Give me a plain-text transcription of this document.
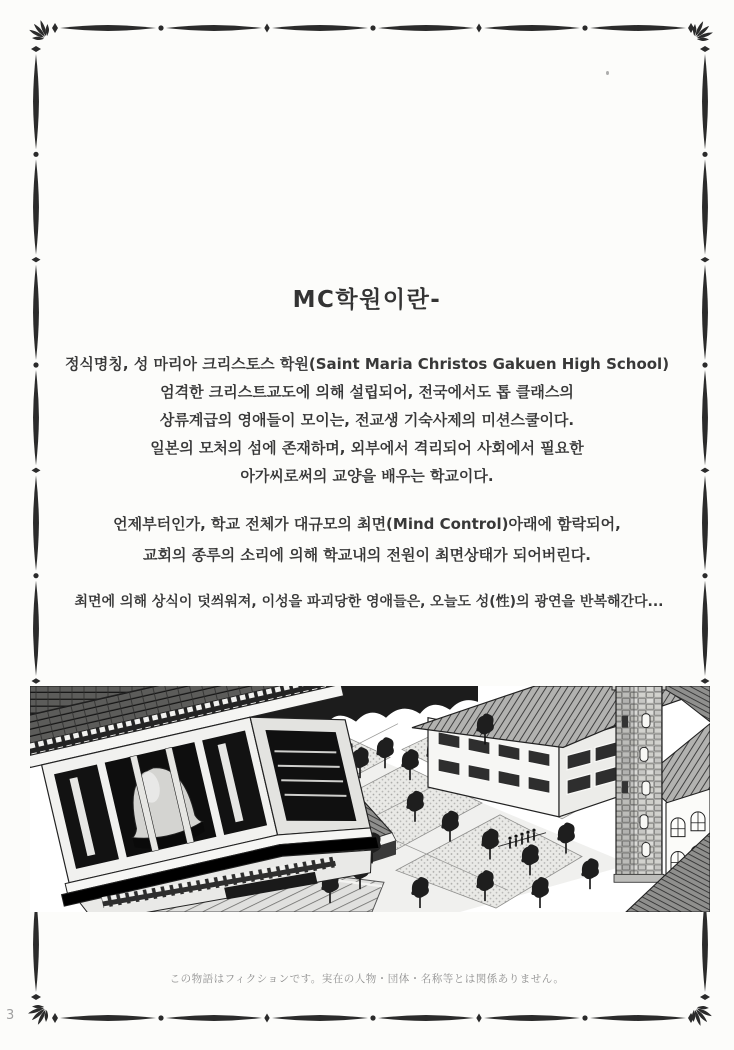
MC학원이란-
정식명칭, 성 마리아 크리스토스 학원(Saint Maria Christos Gakuen High School)
엄격한 크리스트교도에 의해 설립되어, 전국에서도 톱 클래스의
상류계급의 영애들이 모이는, 전교생 기숙사제의 미션스쿨이다.
일본의 모처의 섬에 존재하며, 외부에서 격리되어 사회에서 필요한
아가씨로써의 교양을 배우는 학교이다.
언제부터인가, 학교 전체가 대규모의 최면(Mind Control)아래에 함락되어,
교회의 종루의 소리에 의해 학교내의 전원이 최면상태가 되어버린다.
최면에 의해 상식이 덧씌워져, 이성을 파괴당한 영애들은, 오늘도 성(性)의 광연을 반복해간다...
この物語はフィクションです。実在の人物・団体・名称等とは関係ありません。
3
